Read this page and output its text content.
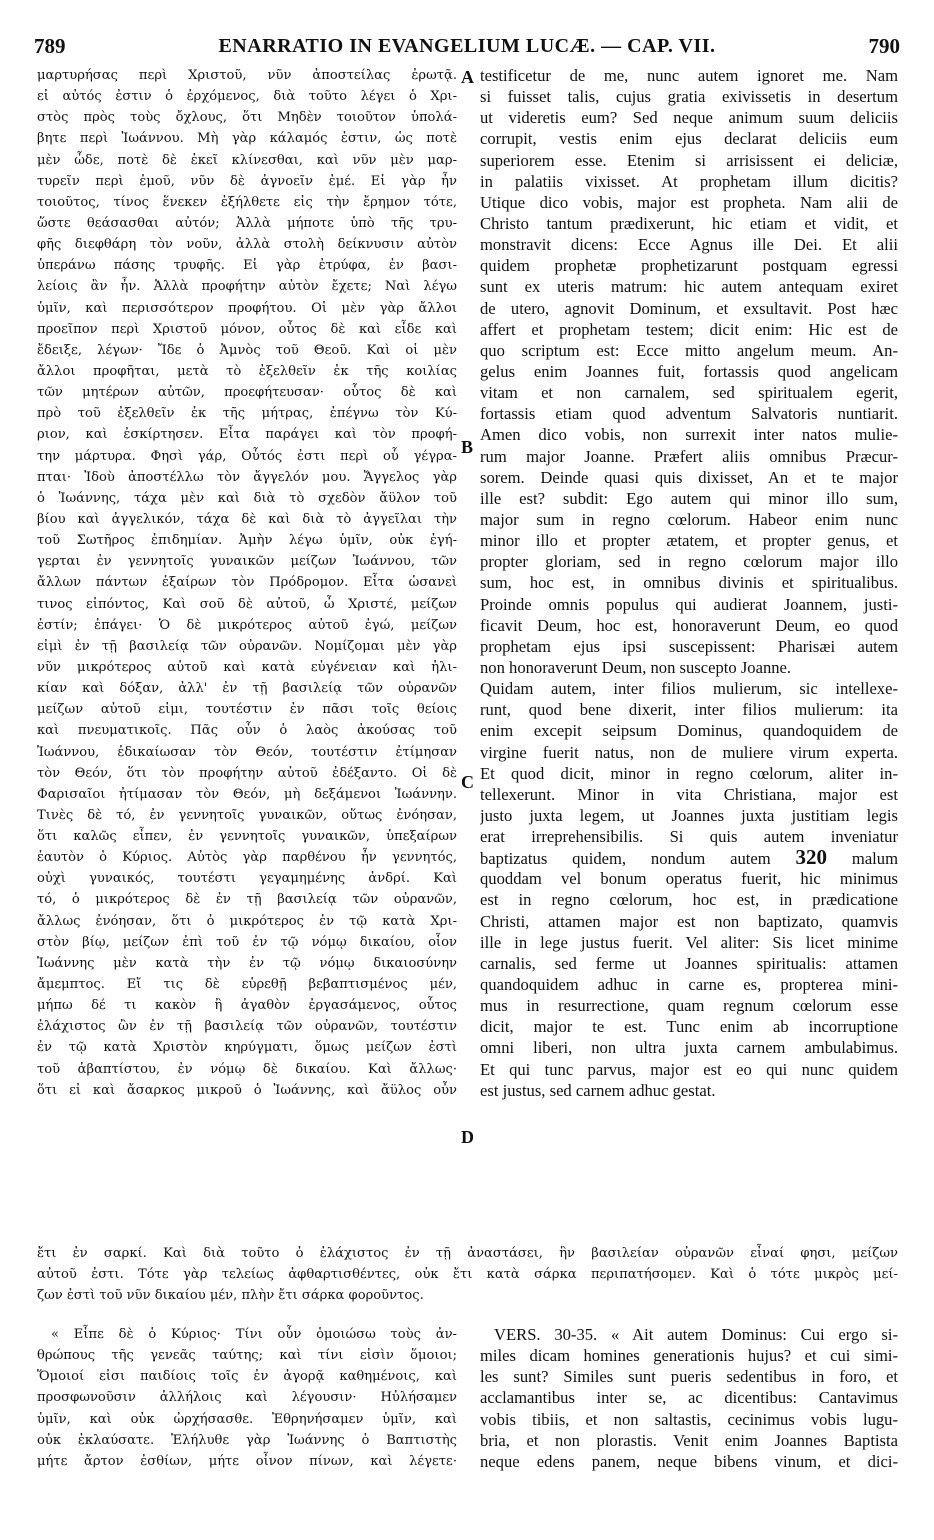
789	ENARRATIO IN EVANGELIUM LUCÆ. — CAP. VII.	790
μαρτυρήσας περὶ Χριστοῦ, νῦν ἀποστείλας ἐρωτᾷ.
εἰ αὐτός ἐστιν ὁ ἐρχόμενος, διὰ τοῦτο λέγει ὁ Χρι-
στὸς πρὸς τοὺς ὄχλους, ὅτι Μηδὲν τοιοῦτον ὑπολά-
βητε περὶ Ἰωάννου. Μὴ γὰρ κάλαμός ἐστιν, ὡς ποτὲ
μὲν ὧδε, ποτὲ δὲ ἐκεῖ κλίνεσθαι, καὶ νῦν μὲν μαρ-
τυρεῖν περὶ ἐμοῦ, νῦν δὲ ἀγνοεῖν ἐμέ. Εἰ γὰρ ἦν
τοιοῦτος, τίνος ἕνεκεν ἐξήλθετε εἰς τὴν ἔρημον τότε,
ὥστε θεάσασθαι αὐτόν; Ἀλλὰ μήποτε ὑπὸ τῆς τρυ-
φῆς διεφθάρη τὸν νοῦν, ἀλλὰ στολὴ δείκνυσιν αὐτὸν
ὑπεράνω πάσης τρυφῆς. Εἰ γὰρ ἐτρύφα, ἐν βασι-
λείοις ἂν ἦν. Ἀλλὰ προφήτην αὐτὸν ἔχετε; Ναὶ λέγω
ὑμῖν, καὶ περισσότερον προφήτου. Οἱ μὲν γὰρ ἄλλοι
προεῖπον περὶ Χριστοῦ μόνον, οὗτος δὲ καὶ εἶδε καὶ
ἔδειξε, λέγων· Ἴδε ὁ Ἀμνὸς τοῦ Θεοῦ. Καὶ οἱ μὲν
ἄλλοι προφῆται, μετὰ τὸ ἐξελθεῖν ἐκ τῆς κοιλίας
τῶν μητέρων αὐτῶν, προεφήτευσαν· οὗτος δὲ καὶ
πρὸ τοῦ ἐξελθεῖν ἐκ τῆς μήτρας, ἐπέγνω τὸν Κύ-
ριον, καὶ ἐσκίρτησεν. Εἶτα παράγει καὶ τὸν προφή-
την μάρτυρα. Φησὶ γάρ, Οὗτός ἐστι περὶ οὗ γέγρα-
πται· Ἰδοὺ ἀποστέλλω τὸν ἄγγελόν μου. Ἄγγελος γὰρ
ὁ Ἰωάννης, τάχα μὲν καὶ διὰ τὸ σχεδὸν ἄϋλον τοῦ
βίου καὶ ἀγγελικόν, τάχα δὲ καὶ διὰ τὸ ἀγγεῖλαι τὴν
τοῦ Σωτῆρος ἐπιδημίαν. Ἀμὴν λέγω ὑμῖν, οὐκ ἐγή-
γερται ἐν γεννητοῖς γυναικῶν μείζων Ἰωάννου, τῶν
ἄλλων πάντων ἐξαίρων τὸν Πρόδρομον. Εἶτα ὡσανεὶ
τινος εἰπόντος, Καὶ σοῦ δὲ αὐτοῦ, ὦ Χριστέ, μείζων
ἐστίν; ἐπάγει· Ὁ δὲ μικρότερος αὐτοῦ ἐγώ, μείζων
εἰμὶ ἐν τῇ βασιλείᾳ τῶν οὐρανῶν. Νομίζομαι μὲν γὰρ
νῦν μικρότερος αὐτοῦ καὶ κατὰ εὐγένειαν καὶ ἡλι-
κίαν καὶ δόξαν, ἀλλ' ἐν τῇ βασιλείᾳ τῶν οὐρανῶν
μείζων αὐτοῦ εἰμι, τουτέστιν ἐν πᾶσι τοῖς θείοις
καὶ πνευματικοῖς. Πᾶς οὖν ὁ λαὸς ἀκούσας τοῦ
Ἰωάννου, ἐδικαίωσαν τὸν Θεόν, τουτέστιν ἐτίμησαν
τὸν Θεόν, ὅτι τὸν προφήτην αὐτοῦ ἐδέξαντο. Οἱ δὲ
Φαρισαῖοι ἠτίμασαν τὸν Θεόν, μὴ δεξάμενοι Ἰωάννην.
Τινὲς δὲ τό, ἐν γεννητοῖς γυναικῶν, οὕτως ἐνόησαν,
ὅτι καλῶς εἶπεν, ἐν γεννητοῖς γυναικῶν, ὑπεξαίρων
ἑαυτὸν ὁ Κύριος. Αὐτὸς γὰρ παρθένου ἦν γεννητός,
οὐχὶ γυναικός, τουτέστι γεγαμημένης ἀνδρί. Καὶ
τό, ὁ μικρότερος δὲ ἐν τῇ βασιλείᾳ τῶν οὐρανῶν,
ἄλλως ἐνόησαν, ὅτι ὁ μικρότερος ἐν τῷ κατὰ Χρι-
στὸν βίῳ, μείζων ἐπὶ τοῦ ἐν τῷ νόμῳ δικαίου, οἷον
Ἰωάννης μὲν κατὰ τὴν ἐν τῷ νόμῳ δικαιοσύνην
ἄμεμπτος. Εἴ τις δὲ εὑρεθῇ βεβαπτισμένος μέν,
μήπω δέ τι κακὸν ἢ ἀγαθὸν ἐργασάμενος, οὗτος
ἐλάχιστος ὢν ἐν τῇ βασιλείᾳ τῶν οὐρανῶν, τουτέστιν
ἐν τῷ κατὰ Χριστὸν κηρύγματι, ὅμως μείζων ἐστὶ
τοῦ ἀβαπτίστου, ἐν νόμῳ δὲ δικαίου. Καὶ ἄλλως·
ὅτι εἰ καὶ ἄσαρκος μικροῦ ὁ Ἰωάννης, καὶ ἄϋλος οὖν
testificetur de me, nunc autem ignoret me. Nam
si fuisset talis, cujus gratia exivissetis in desertum
ut videretis eum? Sed neque animum suum deliciis
corrupit, vestis enim ejus declarat deliciis eum
superiorem esse. Etenim si arrisissent ei deliciæ,
in palatiis vixisset. At prophetam illum dicitis?
Utique dico vobis, major est propheta. Nam alii de
Christo tantum prædixerunt, hic etiam et vidit, et
monstravit dicens: Ecce Agnus ille Dei. Et alii
quidem prophetæ prophetizarunt postquam egressi
sunt ex uteris matrum: hic autem antequam exiret
de utero, agnovit Dominum, et exsultavit. Post hæc
affert et prophetam testem; dicit enim: Hic est de
quo scriptum est: Ecce mitto angelum meum. An-
gelus enim Joannes fuit, fortassis quod angelicam
vitam et non carnalem, sed spiritualem egerit,
fortassis etiam quod adventum Salvatoris nuntiarit.
Amen dico vobis, non surrexit inter natos mulie-
rum major Joanne. Præfert aliis omnibus Præcur-
sorem. Deinde quasi quis dixisset, An et te major
ille est? subdit: Ego autem qui minor illo sum,
major sum in regno cœlorum. Habeor enim nunc
minor illo et propter ætatem, et propter genus, et
propter gloriam, sed in regno cœlorum major illo
sum, hoc est, in omnibus divinis et spiritualibus.
Proinde omnis populus qui audierat Joannem, justi-
ficavit Deum, hoc est, honoraverunt Deum, eo quod
prophetam ejus ipsi suscepissent: Pharisæi autem
non honoraverunt Deum, non suscepto Joanne.
Quidam autem, inter filios mulierum, sic intellexe-
runt, quod bene dixerit, inter filios mulierum: ita
enim excepit seipsum Dominus, quandoquidem de
virgine fuerit natus, non de muliere virum experta.
Et quod dicit, minor in regno cœlorum, aliter in-
tellexerunt. Minor in vita Christiana, major est
justo juxta legem, ut Joannes juxta justitiam legis
erat irreprehensibilis. Si quis autem inveniatur
baptizatus quidem, nondum autem 320 malum
quoddam vel bonum operatus fuerit, hic minimus
est in regno cœlorum, hoc est, in prædicatione
Christi, attamen major est non baptizato, quamvis
ille in lege justus fuerit. Vel aliter: Sis licet minime
carnalis, sed ferme ut Joannes spiritualis: attamen
quandoquidem adhuc in carne es, propterea mini-
mus in resurrectione, quam regnum cœlorum esse
dicit, major te est. Tunc enim ab incorruptione
omni liberi, non ultra juxta carnem ambulabimus.
Et qui tunc parvus, major est eo qui nunc quidem
est justus, sed carnem adhuc gestat.
A
B
C
D
ἔτι ἐν σαρκί. Καὶ διὰ τοῦτο ὁ ἐλάχιστος ἐν τῇ ἀναστάσει, ἣν βασιλείαν οὐρανῶν εἶναί φησι, μείζων
αὐτοῦ ἐστι. Τότε γὰρ τελείως ἀφθαρτισθέντες, οὐκ ἔτι κατὰ σάρκα περιπατήσομεν. Καὶ ὁ τότε μικρὸς μεί-
ζων ἐστὶ τοῦ νῦν δικαίου μέν, πλὴν ἔτι σάρκα φοροῦντος.
« Εἶπε δὲ ὁ Κύριος· Τίνι οὖν ὁμοιώσω τοὺς ἀν-
θρώπους τῆς γενεᾶς ταύτης; καὶ τίνι εἰσὶν ὅμοιοι;
Ὅμοιοί εἰσι παιδίοις τοῖς ἐν ἀγορᾷ καθημένοις, καὶ
προσφωνοῦσιν ἀλλήλοις καὶ λέγουσιν· Ηὐλήσαμεν
ὑμῖν, καὶ οὐκ ὠρχήσασθε. Ἐθρηνήσαμεν ὑμῖν, καὶ
οὐκ ἐκλαύσατε. Ἐλήλυθε γὰρ Ἰωάννης ὁ Βαπτιστὴς
μήτε ἄρτον ἐσθίων, μήτε οἶνον πίνων, καὶ λέγετε·
VERS. 30-35. « Ait autem Dominus: Cui ergo si-
miles dicam homines generationis hujus? et cui simi-
les sunt? Similes sunt pueris sedentibus in foro, et
acclamantibus inter se, ac dicentibus: Cantavimus
vobis tibiis, et non saltastis, cecinimus vobis lugu-
bria, et non plorastis. Venit enim Joannes Baptista
neque edens panem, neque bibens vinum, et dici-
